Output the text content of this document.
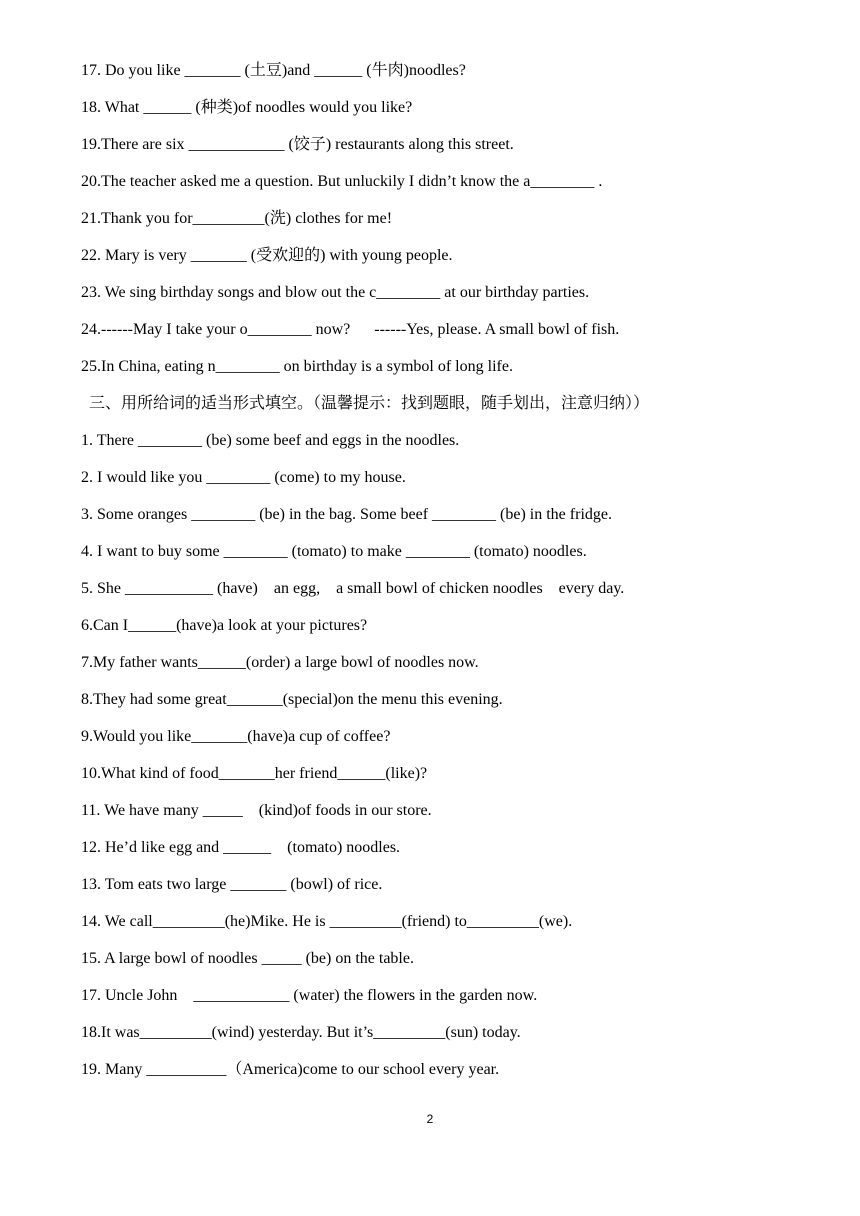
17. Do you like _______ (土豆)and ______ (牛肉)noodles?
18. What ______ (种类)of noodles would you like?
19.There are six ____________ (饺子) restaurants along this street.
20.The teacher asked me a question. But unluckily I didn’t know the a________ .
21.Thank you for_________(洗) clothes for me!
22. Mary is very _______ (受欢迎的) with young people.
23. We sing birthday songs and blow out the c________ at our birthday parties.
24.------May I take your o________ now?      ------Yes, please. A small bowl of fish.
25.In China, eating n________ on birthday is a symbol of long life.
三、用所给词的适当形式填空。（温馨提示：找到题眼，随手划出，注意归纳））
1. There ________ (be) some beef and eggs in the noodles.
2. I would like you ________ (come) to my house.
3. Some oranges ________ (be) in the bag. Some beef ________ (be) in the fridge.
4. I want to buy some ________ (tomato) to make ________ (tomato) noodles.
5. She ___________ (have)    an egg,    a small bowl of chicken noodles    every day.
6.Can I______(have)a look at your pictures?
7.My father wants______(order) a large bowl of noodles now.
8.They had some great_______(special)on the menu this evening.
9.Would you like_______(have)a cup of coffee?
10.What kind of food_______her friend______(like)?
11. We have many _____    (kind)of foods in our store.
12. He’d like egg and ______    (tomato) noodles.
13. Tom eats two large _______ (bowl) of rice.
14. We call_________(he)Mike. He is _________(friend) to_________(we).
15. A large bowl of noodles _____ (be) on the table.
17. Uncle John    ____________ (water) the flowers in the garden now.
18.It was_________(wind) yesterday. But it’s_________(sun) today.
19. Many __________（America)come to our school every year.
2
